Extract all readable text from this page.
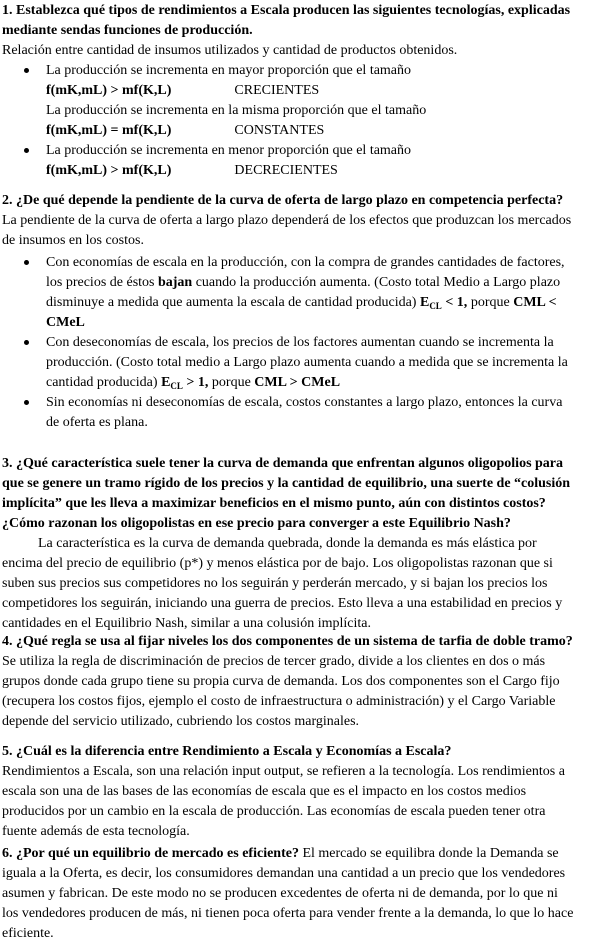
1. Establezca qué tipos de rendimientos a Escala producen las siguientes tecnologías, explicadas
mediante sendas funciones de producción.
Relación entre cantidad de insumos utilizados y cantidad de productos obtenidos.
La producción se incrementa en mayor proporción que el tamaño
f(mK,mL) > mf(K,L)	CRECIENTES
La producción se incrementa en la misma proporción que el tamaño
f(mK,mL) = mf(K,L)	CONSTANTES
La producción se incrementa en menor proporción que el tamaño
f(mK,mL) > mf(K,L)	DECRECIENTES
2. ¿De qué depende la pendiente de la curva de oferta de largo plazo en competencia perfecta?
La pendiente de la curva de oferta a largo plazo dependerá de los efectos que produzcan los mercados
de insumos en los costos.
Con economías de escala en la producción, con la compra de grandes cantidades de factores,
los precios de éstos bajan cuando la producción aumenta. (Costo total Medio a Largo plazo
disminuye a medida que aumenta la escala de cantidad producida) $E_{CL} < 1$, porque CML <
CMeL
Con deseconomías de escala, los precios de los factores aumentan cuando se incrementa la
producción. (Costo total medio a Largo plazo aumenta cuando a medida que se incrementa la
cantidad producida) $E_{CL} > 1$, porque CML > CMeL
Sin economías ni deseconomías de escala, costos constantes a largo plazo, entonces la curva
de oferta es plana.
3. ¿Qué característica suele tener la curva de demanda que enfrentan algunos oligopolios para
que se genere un tramo rígido de los precios y la cantidad de equilibrio, una suerte de “colusión
implícita” que les lleva a maximizar beneficios en el mismo punto, aún con distintos costos?
¿Cómo razonan los oligopolistas en ese precio para converger a este Equilibrio Nash?
La característica es la curva de demanda quebrada, donde la demanda es más elástica por
encima del precio de equilibrio (p*) y menos elástica por de bajo. Los oligopolistas razonan que si
suben sus precios sus competidores no los seguirán y perderán mercado, y si bajan los precios los
competidores los seguirán, iniciando una guerra de precios. Esto lleva a una estabilidad en precios y
cantidades en el Equilibrio Nash, similar a una colusión implícita.
4. ¿Qué regla se usa al fijar niveles los dos componentes de un sistema de tarfia de doble tramo?
Se utiliza la regla de discriminación de precios de tercer grado, divide a los clientes en dos o más
grupos donde cada grupo tiene su propia curva de demanda. Los dos componentes son el Cargo fijo
(recupera los costos fijos, ejemplo el costo de infraestructura o administración) y el Cargo Variable
depende del servicio utilizado, cubriendo los costos marginales.
5. ¿Cuál es la diferencia entre Rendimiento a Escala y Economías a Escala?
Rendimientos a Escala, son una relación input output, se refieren a la tecnología. Los rendimientos a
escala son una de las bases de las economías de escala que es el impacto en los costos medios
producidos por un cambio en la escala de producción. Las economías de escala pueden tener otra
fuente además de esta tecnología.
6. ¿Por qué un equilibrio de mercado es eficiente? El mercado se equilibra donde la Demanda se
iguala a la Oferta, es decir, los consumidores demandan una cantidad a un precio que los vendedores
asumen y fabrican. De este modo no se producen excedentes de oferta ni de demanda, por lo que ni
los vendedores producen de más, ni tienen poca oferta para vender frente a la demanda, lo que lo hace
eficiente.
